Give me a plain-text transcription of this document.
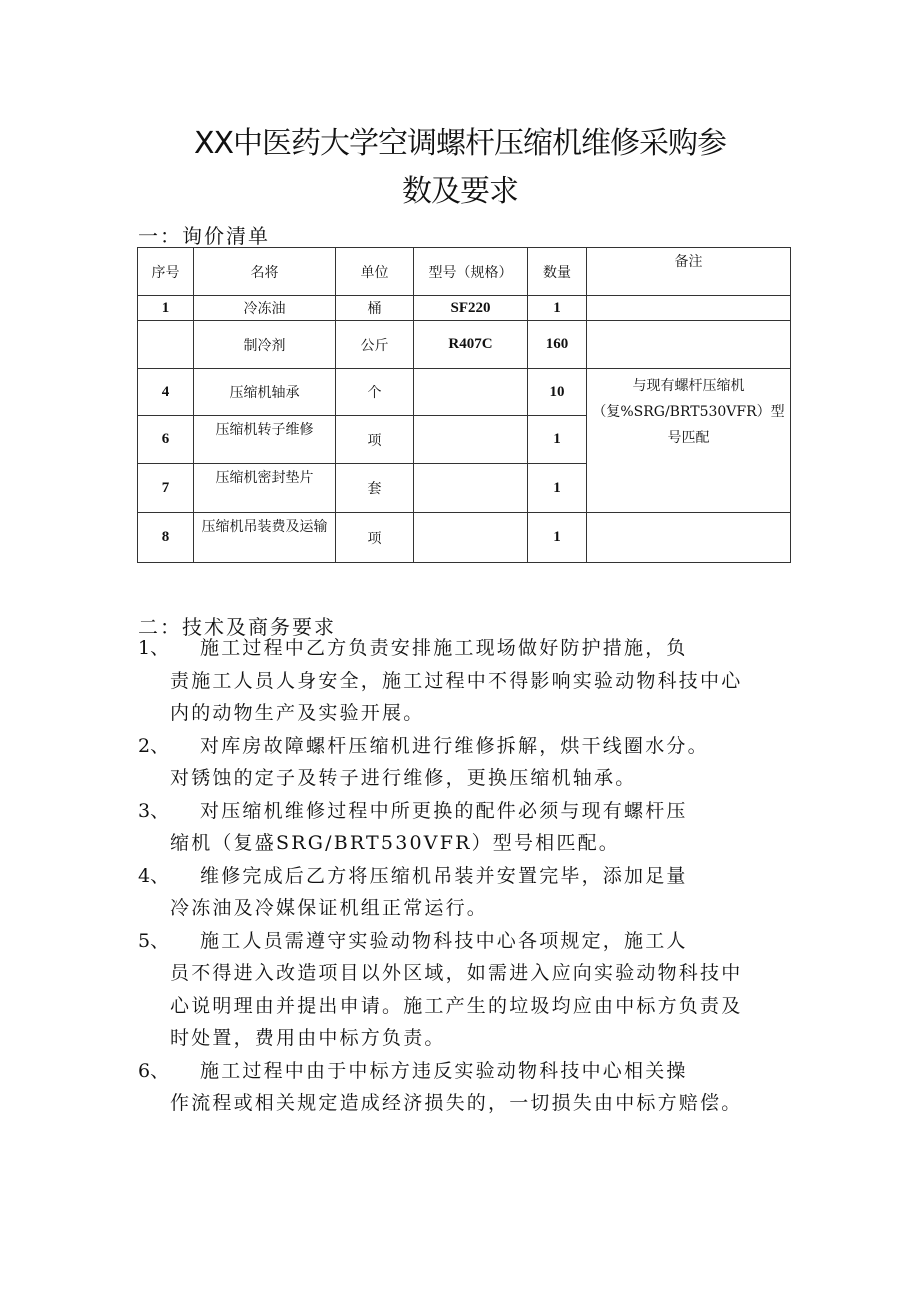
XX中医药大学空调螺杆压缩机维修采购参
数及要求
一：询价清单
序号	名将	单位	型号（规格）	数量	备注
1	冷冻油	桶	SF220	1	
	制冷剂	公斤	R407C	160	
4	压缩机轴承	个		10	与现有螺杆压缩机（复%SRG/BRT530VFR）型号匹配
6	压缩机转子维修	项		1	
7	压缩机密封垫片	套		1	
8	压缩机吊装费及运输	项		1	
二：技术及商务要求
1、 施工过程中乙方负责安排施工现场做好防护措施，负
责施工人员人身安全，施工过程中不得影响实验动物科技中心
内的动物生产及实验开展。
2、 对库房故障螺杆压缩机进行维修拆解，烘干线圈水分。
对锈蚀的定子及转子进行维修，更换压缩机轴承。
3、 对压缩机维修过程中所更换的配件必须与现有螺杆压
缩机（复盛SRG/BRT530VFR）型号相匹配。
4、 维修完成后乙方将压缩机吊装并安置完毕，添加足量
冷冻油及冷媒保证机组正常运行。
5、 施工人员需遵守实验动物科技中心各项规定，施工人
员不得进入改造项目以外区域，如需进入应向实验动物科技中
心说明理由并提出申请。施工产生的垃圾均应由中标方负责及
时处置，费用由中标方负责。
6、 施工过程中由于中标方违反实验动物科技中心相关操
作流程或相关规定造成经济损失的，一切损失由中标方赔偿。
